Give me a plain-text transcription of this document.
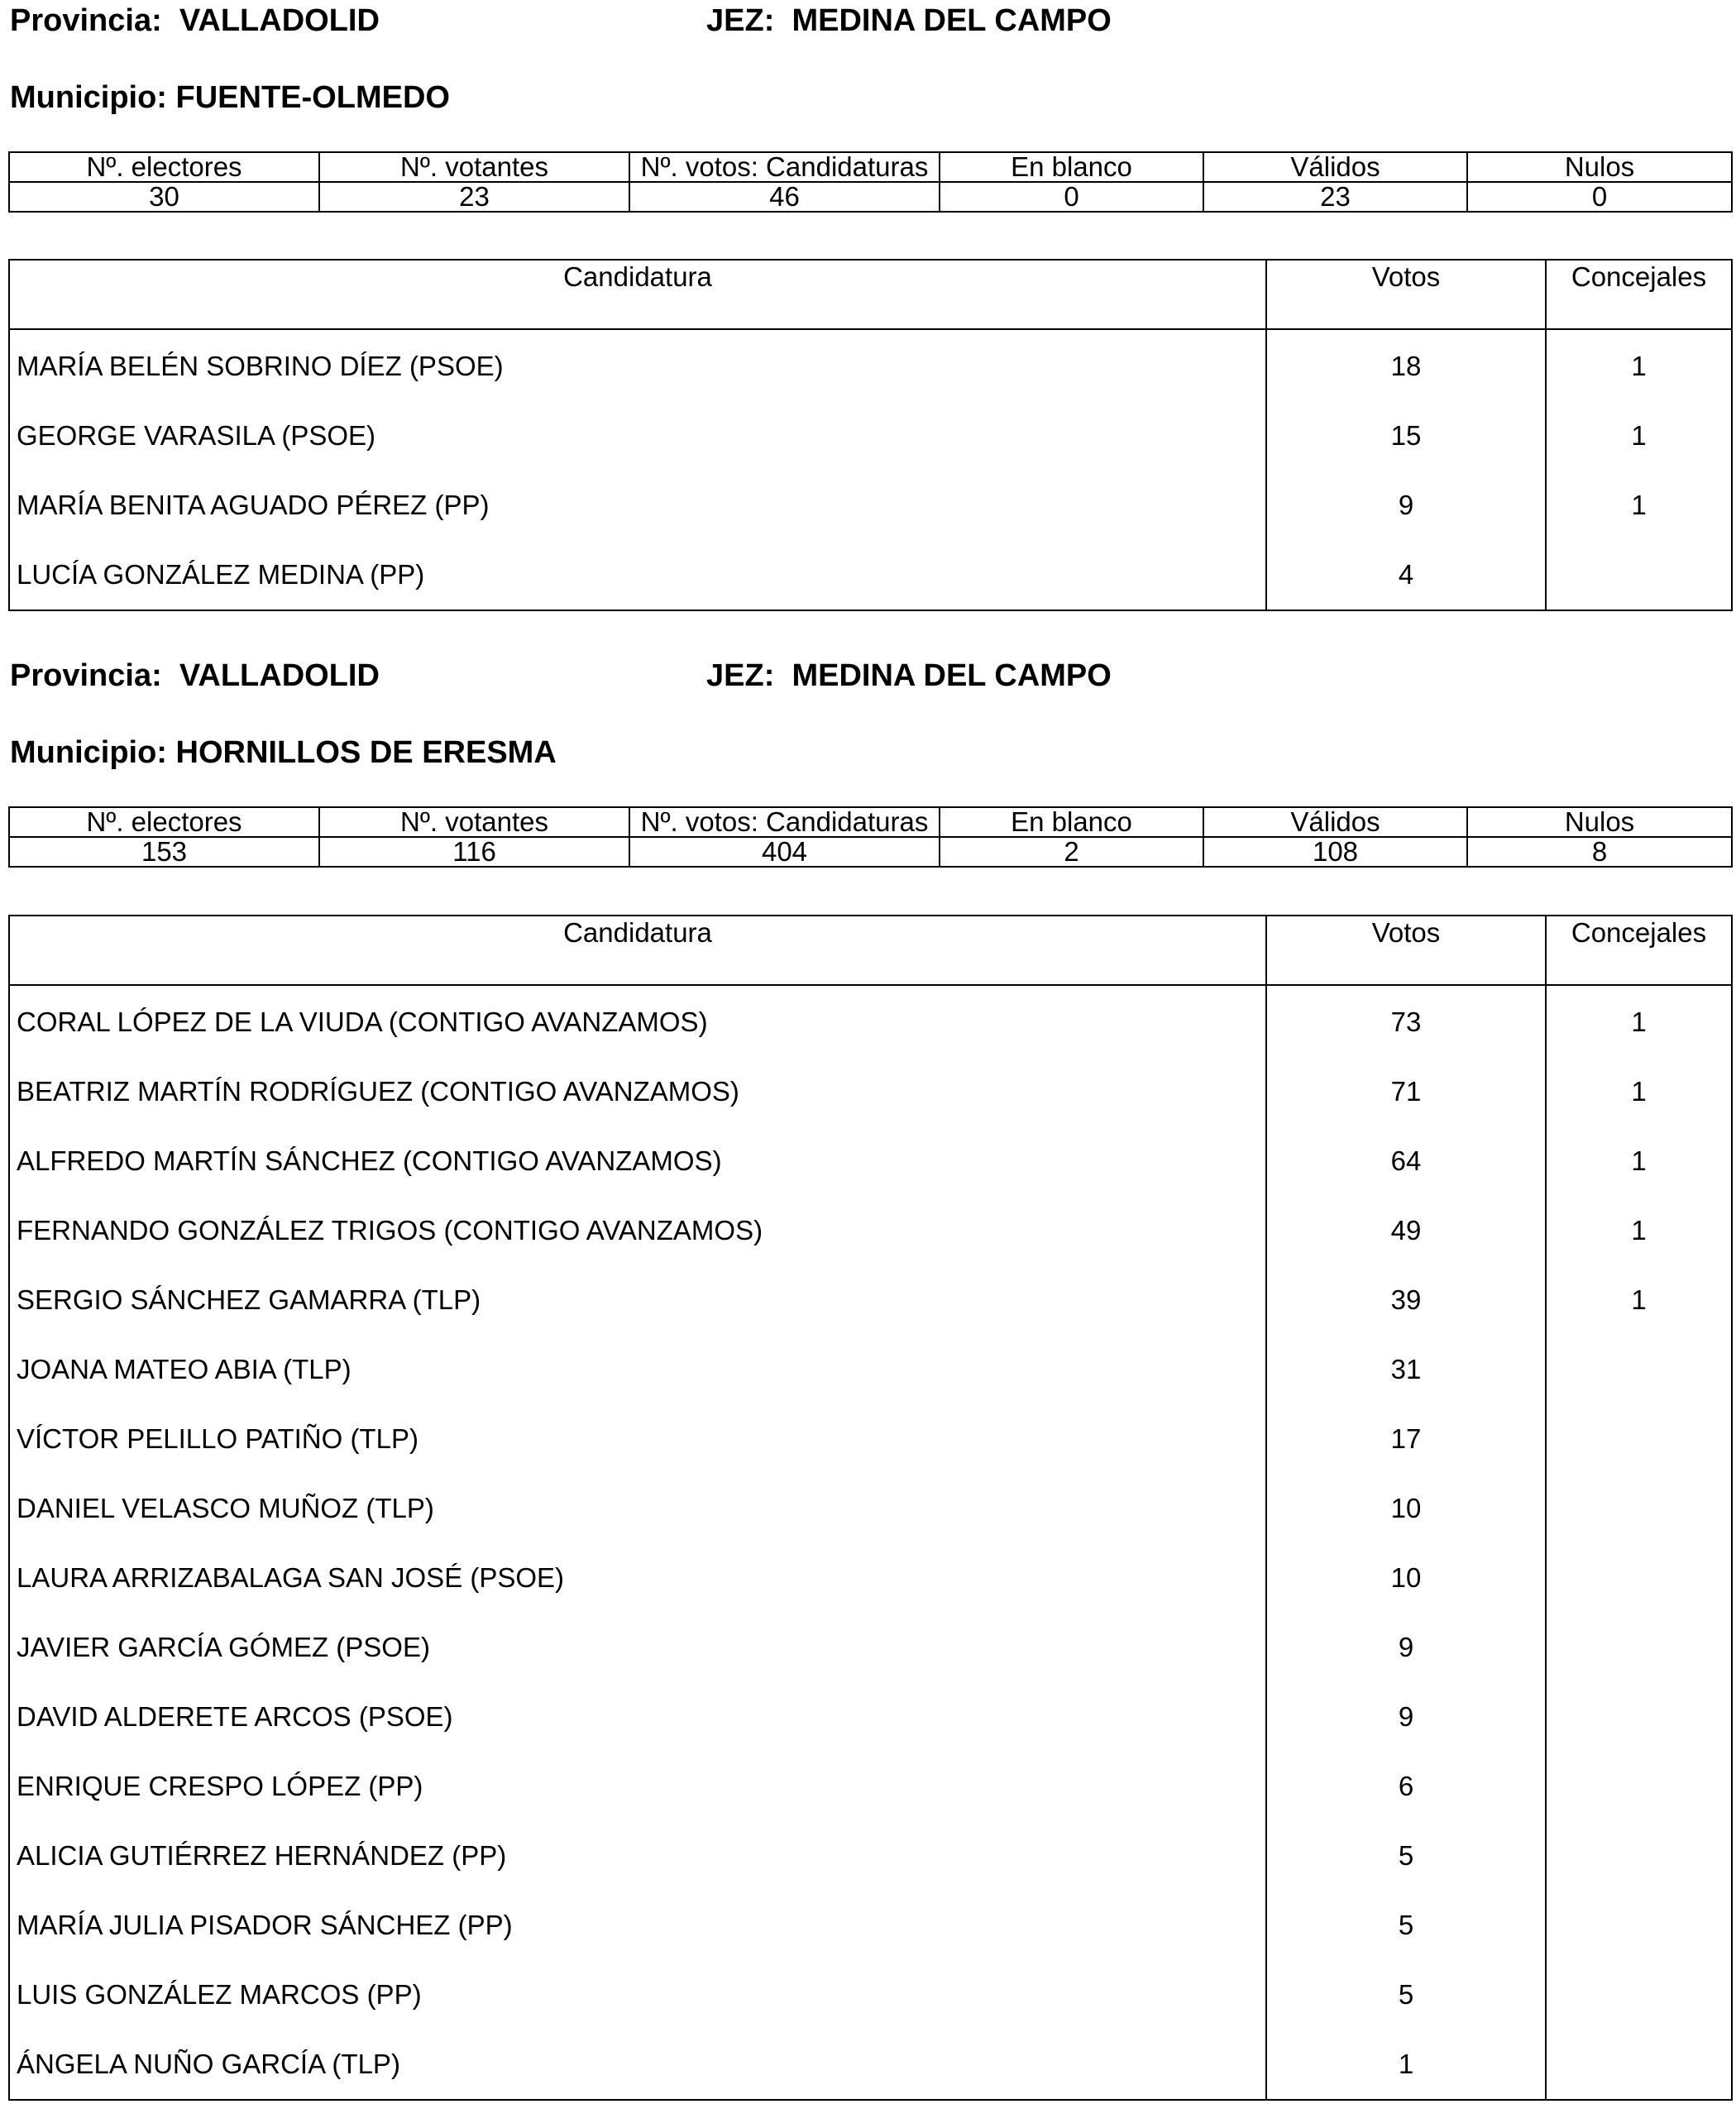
Provincia: VALLADOLID	JEZ: MEDINA DEL CAMPO
Municipio: FUENTE-OLMEDO
Nº. electores	Nº. votantes	Nº. votos: Candidaturas	En blanco	Válidos	Nulos
30	23	46	0	23	0
Candidatura	Votos	Concejales

MARÍA BELÉN SOBRINO DÍEZ (PSOE)	18	1
GEORGE VARASILA (PSOE)	15	1
MARÍA BENITA AGUADO PÉREZ (PP)	9	1
LUCÍA GONZÁLEZ MEDINA (PP)	4	
Provincia: VALLADOLID	JEZ: MEDINA DEL CAMPO
Municipio: HORNILLOS DE ERESMA
Nº. electores	Nº. votantes	Nº. votos: Candidaturas	En blanco	Válidos	Nulos
153	116	404	2	108	8
Candidatura	Votos	Concejales

CORAL LÓPEZ DE LA VIUDA (CONTIGO AVANZAMOS)	73	1
BEATRIZ MARTÍN RODRÍGUEZ (CONTIGO AVANZAMOS)	71	1
ALFREDO MARTÍN SÁNCHEZ (CONTIGO AVANZAMOS)	64	1
FERNANDO GONZÁLEZ TRIGOS (CONTIGO AVANZAMOS)	49	1
SERGIO SÁNCHEZ GAMARRA (TLP)	39	1
JOANA MATEO ABIA (TLP)	31	
VÍCTOR PELILLO PATIÑO (TLP)	17	
DANIEL VELASCO MUÑOZ (TLP)	10	
LAURA ARRIZABALAGA SAN JOSÉ (PSOE)	10	
JAVIER GARCÍA GÓMEZ (PSOE)	9	
DAVID ALDERETE ARCOS (PSOE)	9	
ENRIQUE CRESPO LÓPEZ (PP)	6	
ALICIA GUTIÉRREZ HERNÁNDEZ (PP)	5	
MARÍA JULIA PISADOR SÁNCHEZ (PP)	5	
LUIS GONZÁLEZ MARCOS (PP)	5	
ÁNGELA NUÑO GARCÍA (TLP)	1	
